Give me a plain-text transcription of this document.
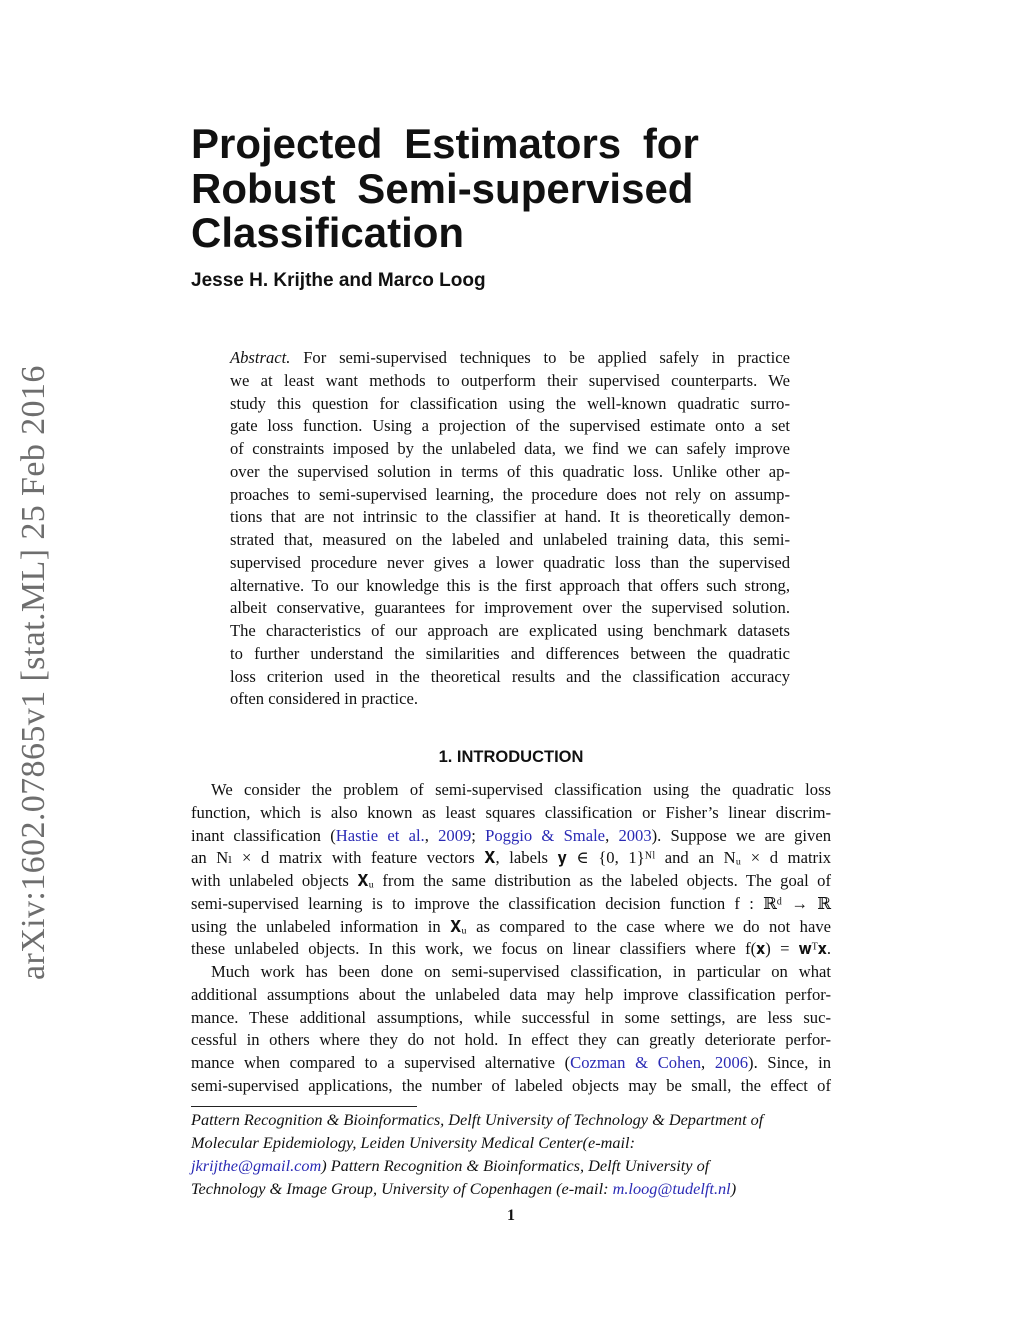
arXiv:1602.07865v1 [stat.ML] 25 Feb 2016
Projected Estimators for
Robust Semi-supervised
Classification
Jesse H. Krijthe and Marco Loog
Abstract. For semi-supervised techniques to be applied safely in practice
we at least want methods to outperform their supervised counterparts. We
study this question for classification using the well-known quadratic surro-
gate loss function. Using a projection of the supervised estimate onto a set
of constraints imposed by the unlabeled data, we find we can safely improve
over the supervised solution in terms of this quadratic loss. Unlike other ap-
proaches to semi-supervised learning, the procedure does not rely on assump-
tions that are not intrinsic to the classifier at hand. It is theoretically demon-
strated that, measured on the labeled and unlabeled training data, this semi-
supervised procedure never gives a lower quadratic loss than the supervised
alternative. To our knowledge this is the first approach that offers such strong,
albeit conservative, guarantees for improvement over the supervised solution.
The characteristics of our approach are explicated using benchmark datasets
to further understand the similarities and differences between the quadratic
loss criterion used in the theoretical results and the classification accuracy
often considered in practice.
1. INTRODUCTION
We consider the problem of semi-supervised classification using the quadratic loss
function, which is also known as least squares classification or Fisher’s linear discrim-
inant classification (Hastie et al., 2009; Poggio & Smale, 2003). Suppose we are given
an Nₗ × d matrix with feature vectors 𝐗, labels 𝐲 ∈ {0, 1}ᴺˡ and an Nᵤ × d matrix
with unlabeled objects 𝐗ᵤ from the same distribution as the labeled objects. The goal of
semi-supervised learning is to improve the classification decision function f : ℝᵈ → ℝ
using the unlabeled information in 𝐗ᵤ as compared to the case where we do not have
these unlabeled objects. In this work, we focus on linear classifiers where f(𝐱) = 𝐰ᵀ𝐱.
Much work has been done on semi-supervised classification, in particular on what
additional assumptions about the unlabeled data may help improve classification perfor-
mance. These additional assumptions, while successful in some settings, are less suc-
cessful in others where they do not hold. In effect they can greatly deteriorate perfor-
mance when compared to a supervised alternative (Cozman & Cohen, 2006). Since, in
semi-supervised applications, the number of labeled objects may be small, the effect of
Pattern Recognition & Bioinformatics, Delft University of Technology & Department of
Molecular Epidemiology, Leiden University Medical Center(e-mail:
jkrijthe@gmail.com) Pattern Recognition & Bioinformatics, Delft University of
Technology & Image Group, University of Copenhagen (e-mail: m.loog@tudelft.nl)
1
